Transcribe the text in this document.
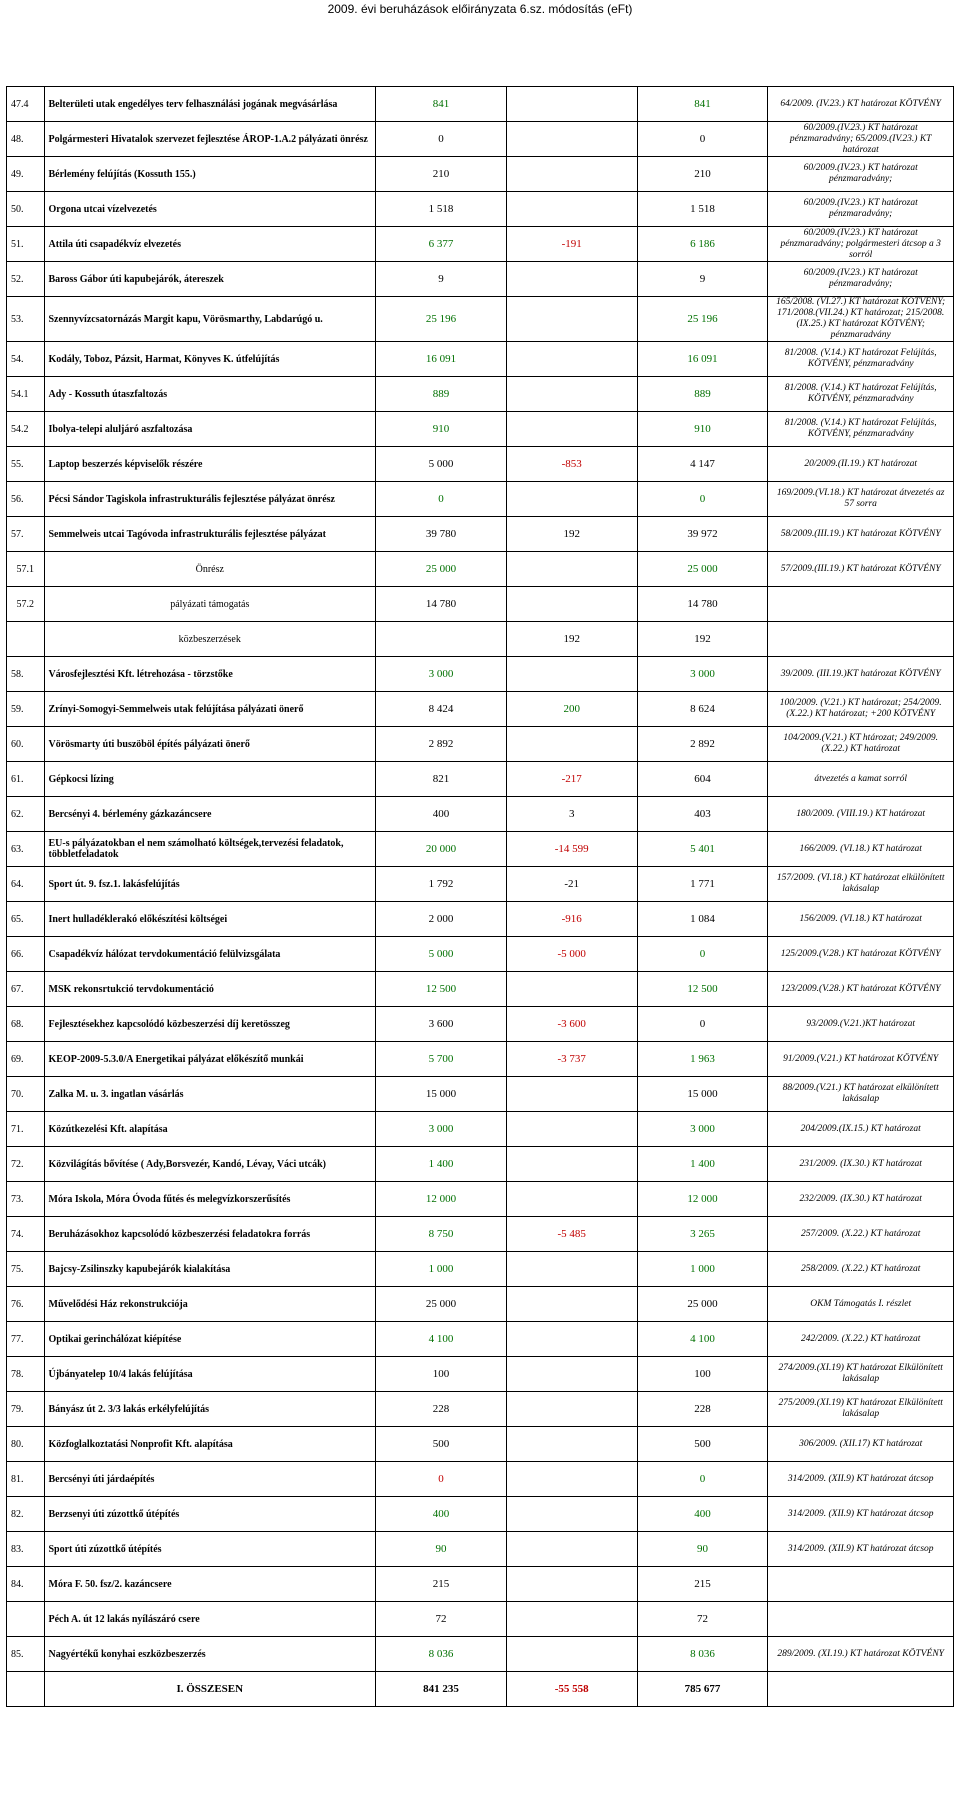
2009. évi beruházások előirányzata 6.sz. módosítás (eFt)
47.4	Belterületi utak engedélyes terv felhasználási jogának megvásárlása	841		841	64/2009. (IV.23.) KT határozat KÖTVÉNY
48.	Polgármesteri Hivatalok szervezet fejlesztése ÁROP-1.A.2 pályázati önrész	0		0	60/2009.(IV.23.) KT határozat pénzmaradvány; 65/2009.(IV.23.) KT határozat
49.	Bérlemény felújítás (Kossuth 155.)	210		210	60/2009.(IV.23.) KT határozat pénzmaradvány;
50.	Orgona utcai vízelvezetés	1 518		1 518	60/2009.(IV.23.) KT határozat pénzmaradvány;
51.	Attila úti csapadékvíz elvezetés	6 377	-191	6 186	60/2009.(IV.23.) KT határozat pénzmaradvány; polgármesteri átcsop a 3 sorról
52.	Baross Gábor úti kapubejárók, átereszek	9		9	60/2009.(IV.23.) KT határozat pénzmaradvány;
53.	Szennyvízcsatornázás Margit kapu, Vörösmarthy, Labdarúgó u.	25 196		25 196	165/2008. (VI.27.) KT határozat KÖTVÉNY; 171/2008.(VII.24.) KT határozat; 215/2008.(IX.25.) KT határozat KÖTVÉNY; pénzmaradvány
54.	Kodály, Toboz, Pázsit, Harmat, Könyves K. útfelújítás	16 091		16 091	81/2008. (V.14.) KT határozat Felújítás, KÖTVÉNY, pénzmaradvány
54.1	Ady - Kossuth útaszfaltozás	889		889	81/2008. (V.14.) KT határozat Felújítás, KÖTVÉNY, pénzmaradvány
54.2	Ibolya-telepi aluljáró aszfaltozása	910		910	81/2008. (V.14.) KT határozat Felújítás, KÖTVÉNY, pénzmaradvány
55.	Laptop beszerzés képviselők részére	5 000	-853	4 147	20/2009.(II.19.) KT határozat
56.	Pécsi Sándor Tagiskola infrastrukturális fejlesztése pályázat önrész	0		0	169/2009.(VI.18.) KT határozat átvezetés az 57 sorra
57.	Semmelweis utcai Tagóvoda infrastrukturális fejlesztése pályázat	39 780	192	39 972	58/2009.(III.19.) KT határozat KÖTVÉNY
57.1	Önrész	25 000		25 000	57/2009.(III.19.) KT határozat KÖTVÉNY
57.2	pályázati támogatás	14 780		14 780	
	közbeszerzések		192	192	
58.	Városfejlesztési Kft. létrehozása - törzstőke	3 000		3 000	39/2009. (III.19.)KT határozat KÖTVÉNY
59.	Zrínyi-Somogyi-Semmelweis utak felújítása pályázati önerő	8 424	200	8 624	100/2009. (V.21.) KT határozat; 254/2009.(X.22.) KT határozat; +200 KÖTVÉNY
60.	Vörösmarty úti buszöböl építés pályázati önerő	2 892		2 892	104/2009.(V.21.) KT htározat; 249/2009. (X.22.) KT határozat
61.	Gépkocsi lízing	821	-217	604	átvezetés a kamat sorról
62.	Bercsényi 4. bérlemény gázkazáncsere	400	3	403	180/2009. (VIII.19.) KT határozat
63.	EU-s pályázatokban el nem számolható költségek,tervezési feladatok, többletfeladatok	20 000	-14 599	5 401	166/2009. (VI.18.) KT határozat
64.	Sport út. 9. fsz.1. lakásfelújítás	1 792	-21	1 771	157/2009. (VI.18.) KT határozat elkülönített lakásalap
65.	Inert hulladéklerakó előkészítési költségei	2 000	-916	1 084	156/2009. (VI.18.) KT határozat
66.	Csapadékvíz hálózat tervdokumentáció felülvizsgálata	5 000	-5 000	0	125/2009.(V.28.) KT határozat KÖTVÉNY
67.	MSK rekonsrtukció tervdokumentáció	12 500		12 500	123/2009.(V.28.) KT határozat KÖTVÉNY
68.	Fejlesztésekhez kapcsolódó közbeszerzési díj keretösszeg	3 600	-3 600	0	93/2009.(V.21.)KT határozat
69.	KEOP-2009-5.3.0/A Energetikai pályázat előkészítő munkái	5 700	-3 737	1 963	91/2009.(V.21.) KT határozat KÖTVÉNY
70.	Zalka M. u. 3. ingatlan vásárlás	15 000		15 000	88/2009.(V.21.) KT határozat elkülönített lakásalap
71.	Közútkezelési Kft. alapítása	3 000		3 000	204/2009.(IX.15.) KT határozat
72.	Közvilágítás bővítése ( Ady,Borsvezér, Kandó, Lévay, Váci utcák)	1 400		1 400	231/2009. (IX.30.) KT határozat
73.	Móra Iskola, Móra Óvoda fűtés és melegvízkorszerűsítés	12 000		12 000	232/2009. (IX.30.) KT határozat
74.	Beruházásokhoz kapcsolódó közbeszerzési feladatokra forrás	8 750	-5 485	3 265	257/2009. (X.22.) KT határozat
75.	Bajcsy-Zsilinszky kapubejárók kialakítása	1 000		1 000	258/2009. (X.22.) KT határozat
76.	Művelődési Ház rekonstrukciója	25 000		25 000	OKM Támogatás I. részlet
77.	Optikai gerinchálózat kiépítése	4 100		4 100	242/2009. (X.22.) KT határozat
78.	Újbányatelep 10/4 lakás felújítása	100		100	274/2009.(XI.19) KT határozat Elkülönített lakásalap
79.	Bányász út 2. 3/3 lakás erkélyfelújítás	228		228	275/2009.(XI.19) KT határozat Elkülönített lakásalap
80.	Közfoglalkoztatási Nonprofit Kft. alapítása	500		500	306/2009. (XII.17) KT határozat
81.	Bercsényi úti járdaépítés	0		0	314/2009. (XII.9) KT határozat átcsop
82.	Berzsenyi úti zúzottkő útépítés	400		400	314/2009. (XII.9) KT határozat átcsop
83.	Sport úti zúzottkő útépítés	90		90	314/2009. (XII.9) KT határozat átcsop
84.	Móra F. 50. fsz/2. kazáncsere	215		215	
	Péch A. út 12 lakás nyílászáró csere	72		72	
85.	Nagyértékű konyhai eszközbeszerzés	8 036		8 036	289/2009. (XI.19.) KT határozat KÖTVÉNY
	I. ÖSSZESEN	841 235	-55 558	785 677	
